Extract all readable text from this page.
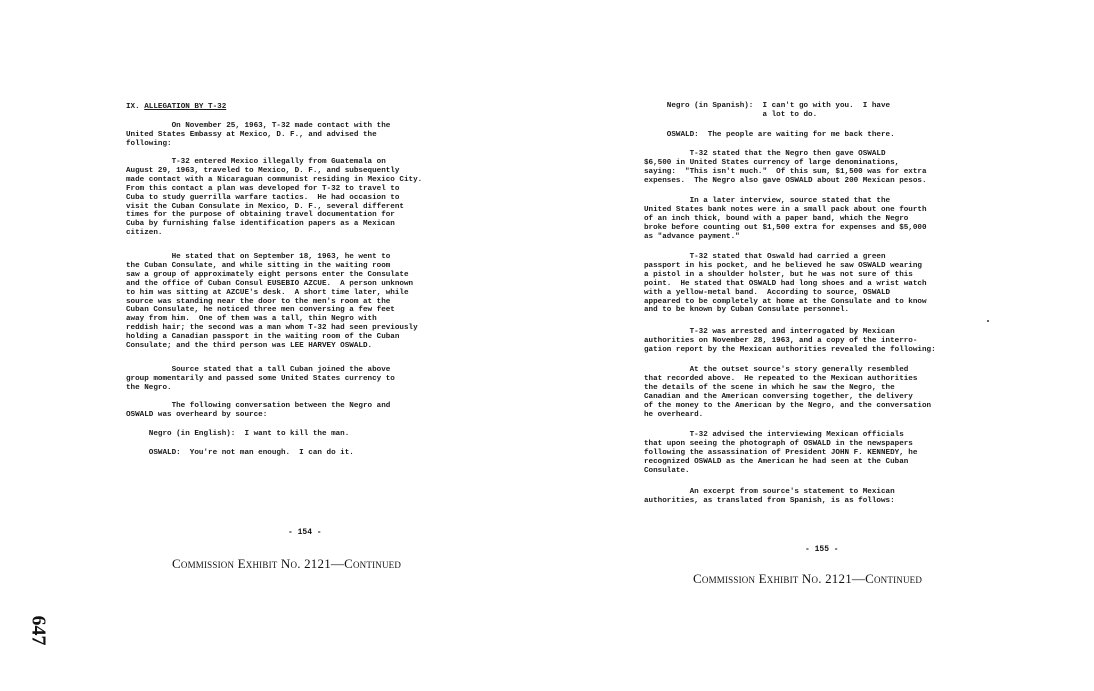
IX. ALLEGATION BY T-32
On November 25, 1963, T-32 made contact with the
United States Embassy at Mexico, D. F., and advised the
following:
T-32 entered Mexico illegally from Guatemala on
August 29, 1963, traveled to Mexico, D. F., and subsequently
made contact with a Nicaraguan communist residing in Mexico City.
From this contact a plan was developed for T-32 to travel to
Cuba to study guerrilla warfare tactics.  He had occasion to
visit the Cuban Consulate in Mexico, D. F., several different
times for the purpose of obtaining travel documentation for
Cuba by furnishing false identification papers as a Mexican
citizen.
He stated that on September 18, 1963, he went to
the Cuban Consulate, and while sitting in the waiting room
saw a group of approximately eight persons enter the Consulate
and the office of Cuban Consul EUSEBIO AZCUE.  A person unknown
to him was sitting at AZCUE's desk.  A short time later, while
source was standing near the door to the men's room at the
Cuban Consulate, he noticed three men conversing a few feet
away from him.  One of them was a tall, thin Negro with
reddish hair; the second was a man whom T-32 had seen previously
holding a Canadian passport in the waiting room of the Cuban
Consulate; and the third person was LEE HARVEY OSWALD.
Source stated that a tall Cuban joined the above
group momentarily and passed some United States currency to
the Negro.
The following conversation between the Negro and
OSWALD was overheard by source:
Negro (in English):  I want to kill the man.
OSWALD:  You're not man enough.  I can do it.
- 154 -
Commission Exhibit No. 2121—Continued
Negro (in Spanish):  I can't go with you.  I have
a lot to do.
OSWALD:  The people are waiting for me back there.
T-32 stated that the Negro then gave OSWALD
$6,500 in United States currency of large denominations,
saying:  "This isn't much."  Of this sum, $1,500 was for extra
expenses.  The Negro also gave OSWALD about 200 Mexican pesos.
In a later interview, source stated that the
United States bank notes were in a small pack about one fourth
of an inch thick, bound with a paper band, which the Negro
broke before counting out $1,500 extra for expenses and $5,000
as "advance payment."
T-32 stated that Oswald had carried a green
passport in his pocket, and he believed he saw OSWALD wearing
a pistol in a shoulder holster, but he was not sure of this
point.  He stated that OSWALD had long shoes and a wrist watch
with a yellow-metal band.  According to source, OSWALD
appeared to be completely at home at the Consulate and to know
and to be known by Cuban Consulate personnel.
T-32 was arrested and interrogated by Mexican
authorities on November 28, 1963, and a copy of the interro-
gation report by the Mexican authorities revealed the following:
At the outset source's story generally resembled
that recorded above.  He repeated to the Mexican authorities
the details of the scene in which he saw the Negro, the
Canadian and the American conversing together, the delivery
of the money to the American by the Negro, and the conversation
he overheard.
T-32 advised the interviewing Mexican officials
that upon seeing the photograph of OSWALD in the newspapers
following the assassination of President JOHN F. KENNEDY, he
recognized OSWALD as the American he had seen at the Cuban
Consulate.
An excerpt from source's statement to Mexican
authorities, as translated from Spanish, is as follows:
- 155 -
Commission Exhibit No. 2121—Continued
647
